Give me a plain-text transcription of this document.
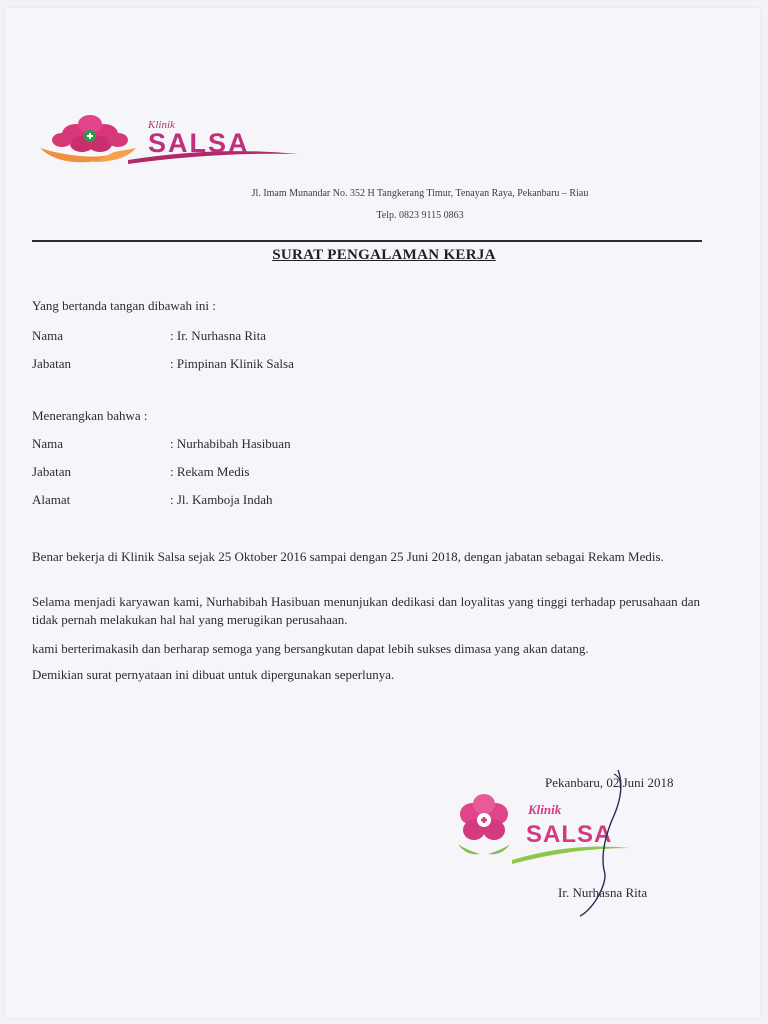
Klinik
SALSA
Jl. Imam Munandar No. 352 H Tangkerang Timur, Tenayan Raya, Pekanbaru – Riau
Telp. 0823 9115 0863
SURAT PENGALAMAN KERJA
Yang bertanda tangan dibawah ini :
Nama	: Ir. Nurhasna Rita
Jabatan	: Pimpinan Klinik Salsa
Menerangkan bahwa :
Nama	: Nurhabibah Hasibuan
Jabatan	: Rekam Medis
Alamat	: Jl. Kamboja Indah
Benar bekerja di Klinik Salsa sejak 25 Oktober 2016 sampai dengan 25 Juni 2018, dengan jabatan sebagai Rekam Medis.
Selama menjadi karyawan kami, Nurhabibah Hasibuan menunjukan dedikasi dan loyalitas yang tinggi terhadap perusahaan dan tidak pernah melakukan hal hal yang merugikan perusahaan.
kami berterimakasih dan berharap semoga yang bersangkutan dapat lebih sukses dimasa yang akan datang.
Demikian surat pernyataan ini dibuat untuk dipergunakan seperlunya.
Pekanbaru, 02 Juni 2018
Klinik
SALSA
Ir. Nurhasna Rita
